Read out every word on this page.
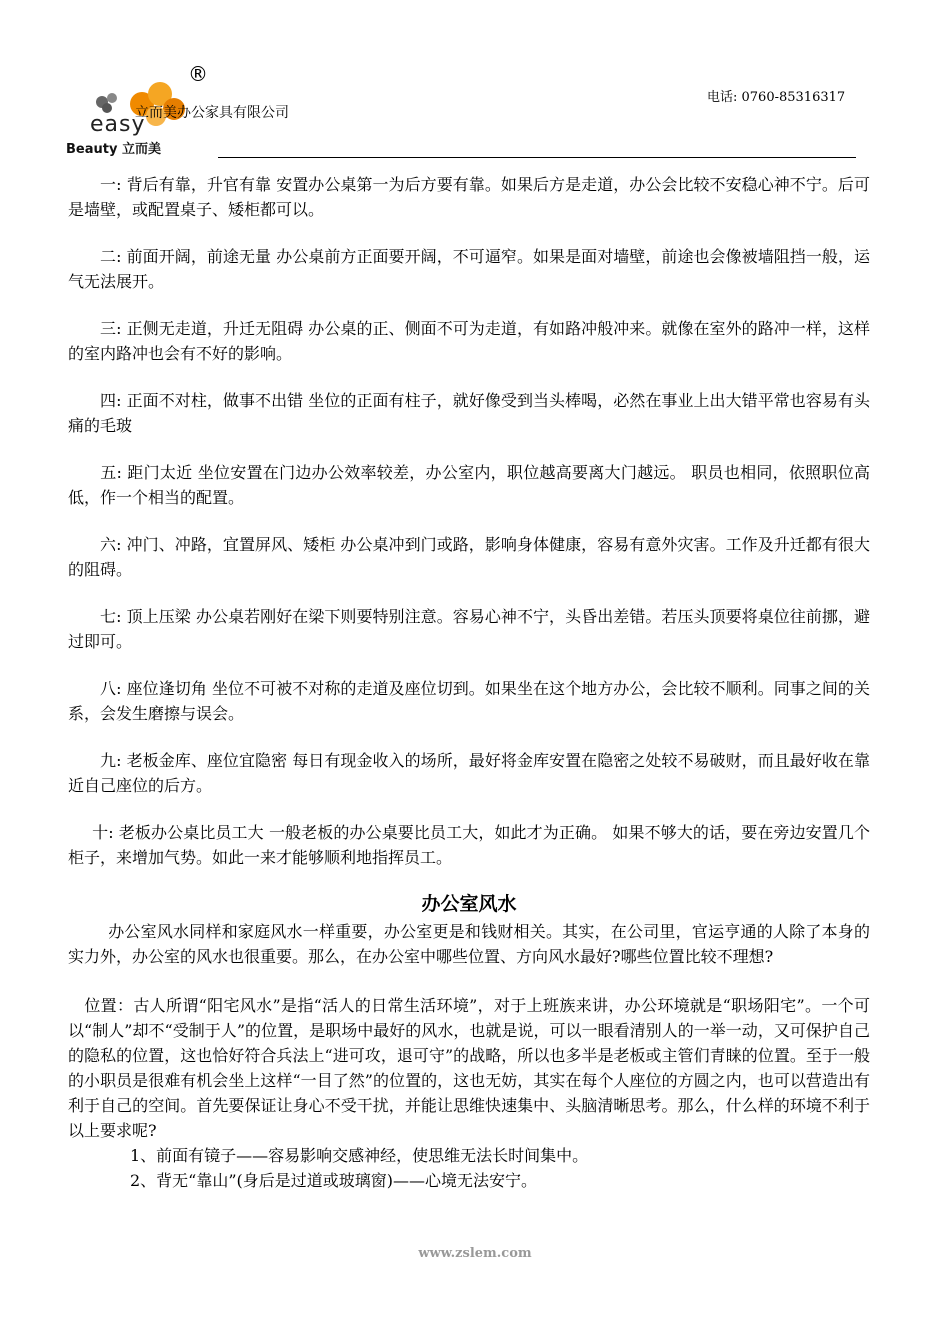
®
easy
Beauty 立而美
立而美办公家具有限公司
电话: 0760-85316317

一: 背后有靠，升官有靠 安置办公桌第一为后方要有靠。如果后方是走道，办公会比较不安稳心神不宁。后可是墙壁，或配置桌子、矮柜都可以。

二: 前面开阔，前途无量 办公桌前方正面要开阔，不可逼窄。如果是面对墙壁，前途也会像被墙阻挡一般，运气无法展开。

三: 正侧无走道，升迁无阻碍 办公桌的正、侧面不可为走道，有如路冲般冲来。就像在室外的路冲一样，这样的室内路冲也会有不好的影响。

四: 正面不对柱，做事不出错 坐位的正面有柱子，就好像受到当头棒喝，必然在事业上出大错平常也容易有头痛的毛玻

五: 距门太近 坐位安置在门边办公效率较差，办公室内，职位越高要离大门越远。 职员也相同，依照职位高低，作一个相当的配置。

六: 冲门、冲路，宜置屏风、矮柜 办公桌冲到门或路，影响身体健康，容易有意外灾害。工作及升迁都有很大的阻碍。

七: 顶上压梁 办公桌若刚好在梁下则要特别注意。容易心神不宁，头昏出差错。若压头顶要将桌位往前挪，避过即可。

八: 座位逢切角 坐位不可被不对称的走道及座位切到。如果坐在这个地方办公，会比较不顺利。同事之间的关系，会发生磨擦与误会。

九: 老板金库、座位宜隐密 每日有现金收入的场所，最好将金库安置在隐密之处较不易破财，而且最好收在靠近自己座位的后方。

十: 老板办公桌比员工大 一般老板的办公桌要比员工大，如此才为正确。 如果不够大的话，要在旁边安置几个柜子，来增加气势。如此一来才能够顺利地指挥员工。

办公室风水

办公室风水同样和家庭风水一样重要，办公室更是和钱财相关。其实，在公司里，官运亨通的人除了本身的实力外，办公室的风水也很重要。那么，在办公室中哪些位置、方向风水最好?哪些位置比较不理想?

位置：古人所谓“阳宅风水”是指“活人的日常生活环境”，对于上班族来讲，办公环境就是“职场阳宅”。一个可以“制人”却不“受制于人”的位置，是职场中最好的风水，也就是说，可以一眼看清别人的一举一动，又可保护自己的隐私的位置，这也恰好符合兵法上“进可攻，退可守”的战略，所以也多半是老板或主管们青睐的位置。至于一般的小职员是很难有机会坐上这样“一目了然”的位置的，这也无妨，其实在每个人座位的方圆之内，也可以营造出有利于自己的空间。首先要保证让身心不受干扰，并能让思维快速集中、头脑清晰思考。那么，什么样的环境不利于以上要求呢?

1、前面有镜子——容易影响交感神经，使思维无法长时间集中。

2、背无“靠山”(身后是过道或玻璃窗)——心境无法安宁。

www.zslem.com
